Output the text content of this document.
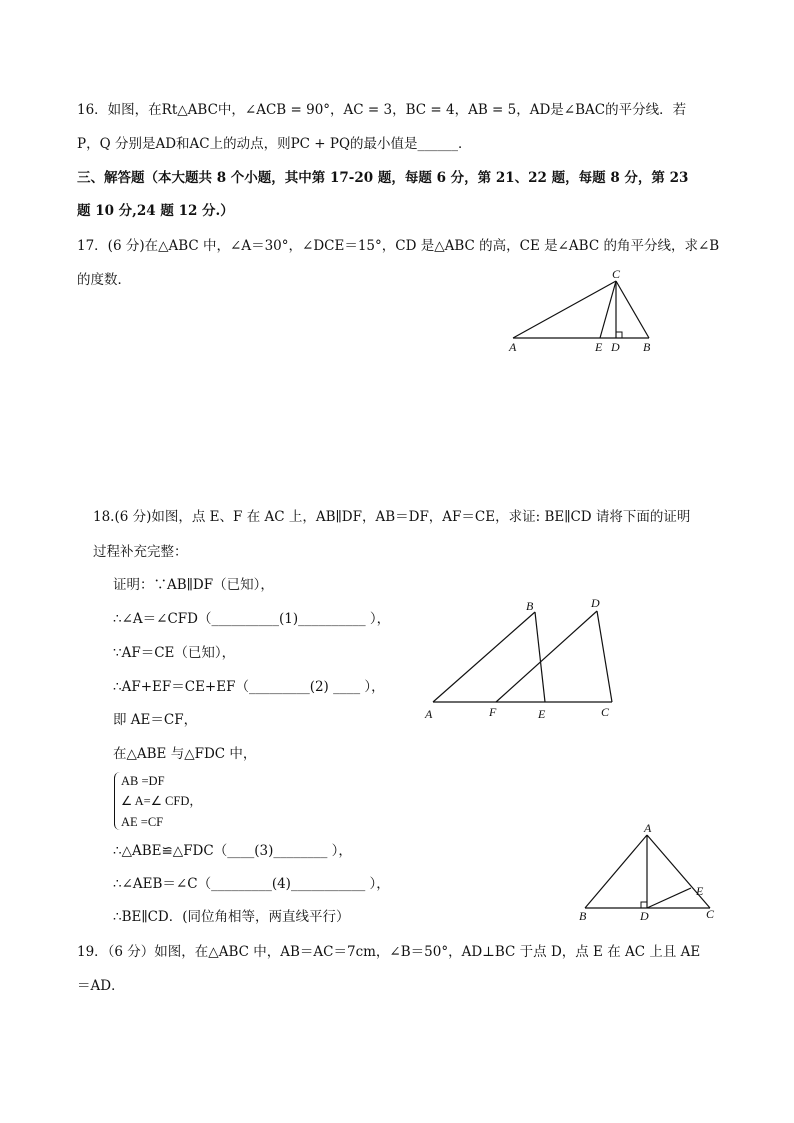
16．如图，在Rt△ABC中，∠ACB = 90°，AC = 3，BC = 4，AB = 5，AD是∠BAC的平分线．若
P，Q 分别是AD和AC上的动点，则PC + PQ的最小值是______．
三、解答题（本大题共 8 个小题，其中第 17-20 题，每题 6 分，第 21、22 题，每题 8 分，第 23
题 10 分,24 题 12 分.）
17．(6 分)在△ABC 中，∠A＝30°，∠DCE＝15°，CD 是△ABC 的高，CE 是∠ABC 的角平分线，求∠B
的度数．	C
A	E D B
18.(6 分)如图，点 E、F 在 AC 上，AB∥DF，AB＝DF，AF＝CE，求证: BE∥CD 请将下面的证明
过程补充完整：
证明：∵AB∥DF（已知），
∴∠A＝∠CFD（__________(1)__________ ），
∵AF＝CE（已知），
∴AF+EF＝CE+EF（_________(2) ____ ），
即 AE＝CF，
在△ABE 与△FDC 中，
AB =DF
∠ A=∠ CFD，
AE =CF
∴△ABE≌△FDC（____(3)________ ），
∴∠AEB＝∠C（_________(4)___________ ），
∴BE∥CD．(同位角相等，两直线平行）
B	D
A	F	E	C
A
E
B	D	C
19．（6 分）如图，在△ABC 中，AB＝AC＝7cm，∠B＝50°，AD⊥BC 于点 D，点 E 在 AC 上且 AE
＝AD．
